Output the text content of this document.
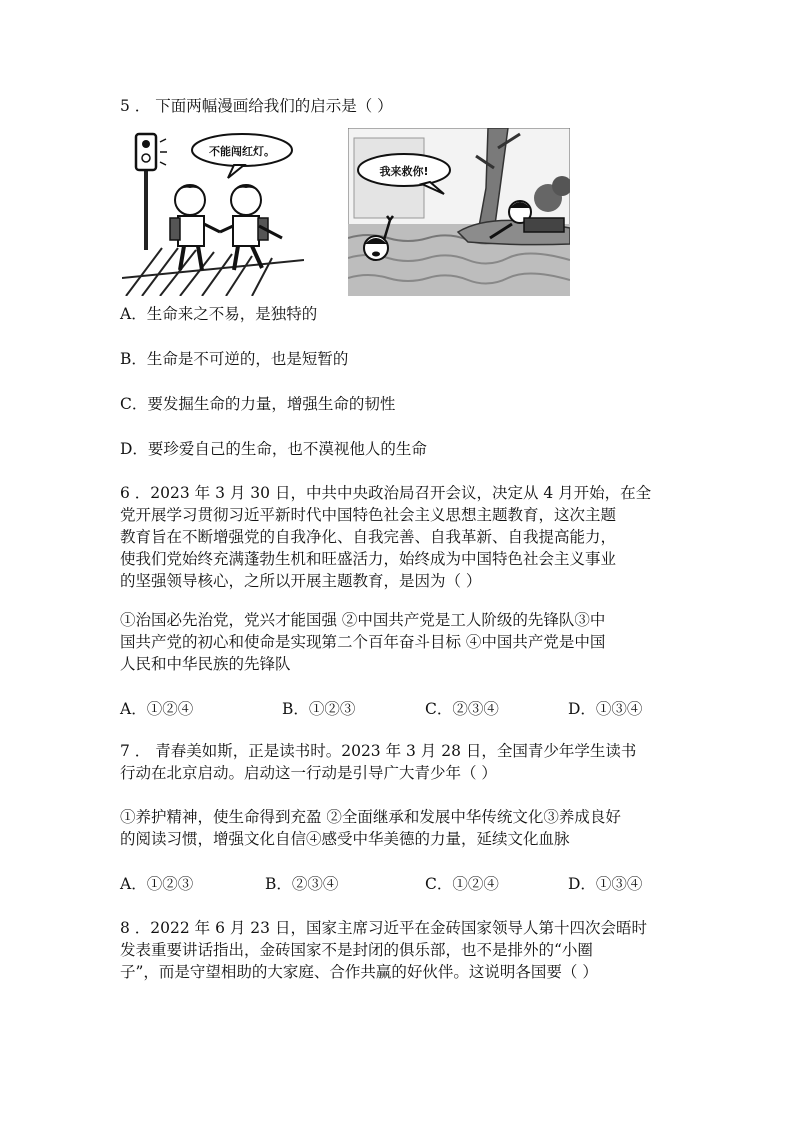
5 ． 下面两幅漫画给我们的启示是（ ）
不能闯红灯。
我来救你!
A．生命来之不易，是独特的
B．生命是不可逆的，也是短暂的
C．要发掘生命的力量，增强生命的韧性
D．要珍爱自己的生命，也不漠视他人的生命
6 ．2023 年 3 月 30 日，中共中央政治局召开会议，决定从 4 月开始，在全
党开展学习贯彻习近平新时代中国特色社会主义思想主题教育，这次主题
教育旨在不断增强党的自我净化、自我完善、自我革新、自我提高能力，
使我们党始终充满蓬勃生机和旺盛活力，始终成为中国特色社会主义事业
的坚强领导核心，之所以开展主题教育，是因为（ ）
①治国必先治党，党兴才能国强 ②中国共产党是工人阶级的先锋队③中
国共产党的初心和使命是实现第二个百年奋斗目标 ④中国共产党是中国
人民和中华民族的先锋队
A．①②④	B．①②③	C．②③④	D．①③④
7 ． 青春美如斯，正是读书时。2023 年 3 月 28 日，全国青少年学生读书
行动在北京启动。启动这一行动是引导广大青少年（ ）
①养护精神，使生命得到充盈 ②全面继承和发展中华传统文化③养成良好
的阅读习惯，增强文化自信④感受中华美德的力量，延续文化血脉
A．①②③	B．②③④	C．①②④	D．①③④
8 ．2022 年 6 月 23 日，国家主席习近平在金砖国家领导人第十四次会晤时
发表重要讲话指出，金砖国家不是封闭的俱乐部，也不是排外的“小圈
子”，而是守望相助的大家庭、合作共赢的好伙伴。这说明各国要（ ）
